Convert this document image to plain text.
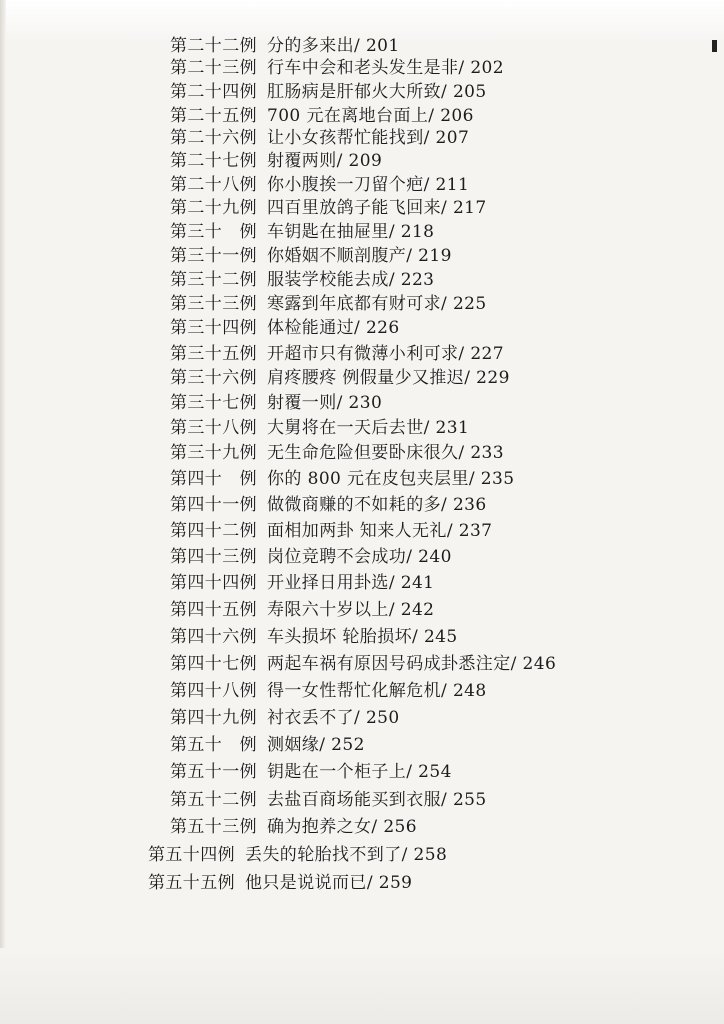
第二十二例 分的多来出/ 201
第二十三例 行车中会和老头发生是非/ 202
第二十四例 肛肠病是肝郁火大所致/ 205
第二十五例 700 元在离地台面上/ 206
第二十六例 让小女孩帮忙能找到/ 207
第二十七例 射覆两则/ 209
第二十八例 你小腹挨一刀留个疤/ 211
第二十九例 四百里放鸽子能飞回来/ 217
第三十　例 车钥匙在抽屉里/ 218
第三十一例 你婚姻不顺剖腹产/ 219
第三十二例 服装学校能去成/ 223
第三十三例 寒露到年底都有财可求/ 225
第三十四例 体检能通过/ 226
第三十五例 开超市只有微薄小利可求/ 227
第三十六例 肩疼腰疼 例假量少又推迟/ 229
第三十七例 射覆一则/ 230
第三十八例 大舅将在一天后去世/ 231
第三十九例 无生命危险但要卧床很久/ 233
第四十　例 你的 800 元在皮包夹层里/ 235
第四十一例 做微商赚的不如耗的多/ 236
第四十二例 面相加两卦 知来人无礼/ 237
第四十三例 岗位竞聘不会成功/ 240
第四十四例 开业择日用卦选/ 241
第四十五例 寿限六十岁以上/ 242
第四十六例 车头损坏 轮胎损坏/ 245
第四十七例 两起车祸有原因号码成卦悉注定/ 246
第四十八例 得一女性帮忙化解危机/ 248
第四十九例 衬衣丢不了/ 250
第五十　例 测姻缘/ 252
第五十一例 钥匙在一个柜子上/ 254
第五十二例 去盐百商场能买到衣服/ 255
第五十三例 确为抱养之女/ 256
第五十四例 丢失的轮胎找不到了/ 258
第五十五例 他只是说说而已/ 259
